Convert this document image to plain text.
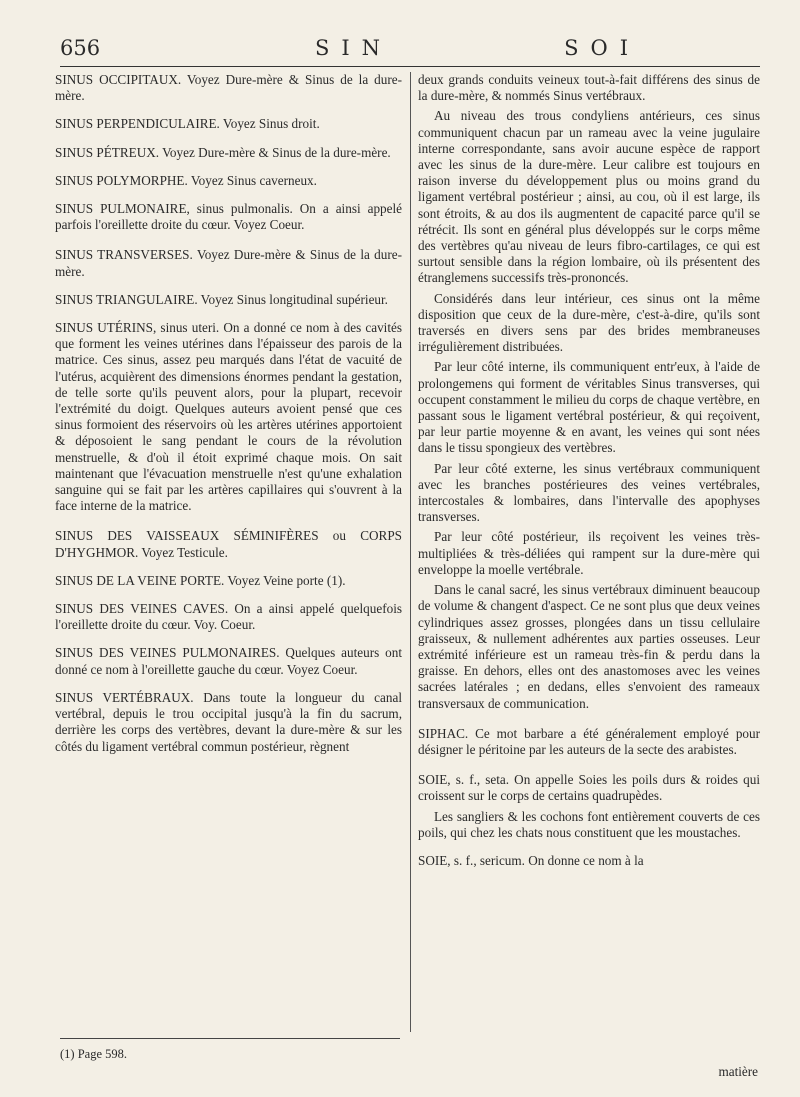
656	SIN	SOI

SINUS OCCIPITAUX. Voyez Dure-mère & Sinus de la dure-mère.

SINUS PERPENDICULAIRE. Voyez Sinus droit.

SINUS PÉTREUX. Voyez Dure-mère & Sinus de la dure-mère.

SINUS POLYMORPHE. Voyez Sinus caverneux.

SINUS PULMONAIRE, sinus pulmonalis. On a ainsi appelé parfois l'oreillette droite du cœur. Voyez Coeur.

SINUS TRANSVERSES. Voyez Dure-mère & Sinus de la dure-mère.

SINUS TRIANGULAIRE. Voyez Sinus longitudinal supérieur.

SINUS UTÉRINS, sinus uteri. On a donné ce nom à des cavités que forment les veines utérines dans l'épaisseur des parois de la matrice. Ces sinus, assez peu marqués dans l'état de vacuité de l'utérus, acquièrent des dimensions énormes pendant la gestation, de telle sorte qu'ils peuvent alors, pour la plupart, recevoir l'extrémité du doigt. Quelques auteurs avoient pensé que ces sinus formoient des réservoirs où les artères utérines apportoient & déposoient le sang pendant le cours de la révolution menstruelle, & d'où il étoit exprimé chaque mois. On sait maintenant que l'évacuation menstruelle n'est qu'une exhalation sanguine qui se fait par les artères capillaires qui s'ouvrent à la face interne de la matrice.

SINUS DES VAISSEAUX SÉMINIFÈRES ou CORPS D'HYGHMOR. Voyez Testicule.

SINUS DE LA VEINE PORTE. Voyez Veine porte (1).

SINUS DES VEINES CAVES. On a ainsi appelé quelquefois l'oreillette droite du cœur. Voy. Coeur.

SINUS DES VEINES PULMONAIRES. Quelques auteurs ont donné ce nom à l'oreillette gauche du cœur. Voyez Coeur.

SINUS VERTÉBRAUX. Dans toute la longueur du canal vertébral, depuis le trou occipital jusqu'à la fin du sacrum, derrière les corps des vertèbres, devant la dure-mère & sur les côtés du ligament vertébral commun postérieur, règnent

deux grands conduits veineux tout-à-fait différens des sinus de la dure-mère, & nommés Sinus vertébraux.

Au niveau des trous condyliens antérieurs, ces sinus communiquent chacun par un rameau avec la veine jugulaire interne correspondante, sans avoir aucune espèce de rapport avec les sinus de la dure-mère. Leur calibre est toujours en raison inverse du développement plus ou moins grand du ligament vertébral postérieur ; ainsi, au cou, où il est large, ils sont étroits, & au dos ils augmentent de capacité parce qu'il se rétrécit. Ils sont en général plus développés sur le corps même des vertèbres qu'au niveau de leurs fibro-cartilages, ce qui est surtout sensible dans la région lombaire, où ils présentent des étranglemens successifs très-prononcés.

Considérés dans leur intérieur, ces sinus ont la même disposition que ceux de la dure-mère, c'est-à-dire, qu'ils sont traversés en divers sens par des brides membraneuses irrégulièrement distribuées.

Par leur côté interne, ils communiquent entr'eux, à l'aide de prolongemens qui forment de véritables Sinus transverses, qui occupent constamment le milieu du corps de chaque vertèbre, en passant sous le ligament vertébral postérieur, & qui reçoivent, par leur partie moyenne & en avant, les veines qui sont nées dans le tissu spongieux des vertèbres.

Par leur côté externe, les sinus vertébraux communiquent avec les branches postérieures des veines vertébrales, intercostales & lombaires, dans l'intervalle des apophyses transverses.

Par leur côté postérieur, ils reçoivent les veines très-multipliées & très-déliées qui rampent sur la dure-mère qui enveloppe la moelle vertébrale.

Dans le canal sacré, les sinus vertébraux diminuent beaucoup de volume & changent d'aspect. Ce ne sont plus que deux veines cylindriques assez grosses, plongées dans un tissu cellulaire graisseux, & nullement adhérentes aux parties osseuses. Leur extrémité inférieure est un rameau très-fin & perdu dans la graisse. En dehors, elles ont des anastomoses avec les veines sacrées latérales ; en dedans, elles s'envoient des rameaux transversaux de communication.

SIPHAC. Ce mot barbare a été généralement employé pour désigner le péritoine par les auteurs de la secte des arabistes.

SOIE, s. f., seta. On appelle Soies les poils durs & roides qui croissent sur le corps de certains quadrupèdes.

Les sangliers & les cochons font entièrement couverts de ces poils, qui chez les chats nous constituent que les moustaches.

SOIE, s. f., sericum. On donne ce nom à la

(1) Page 598.
matière
